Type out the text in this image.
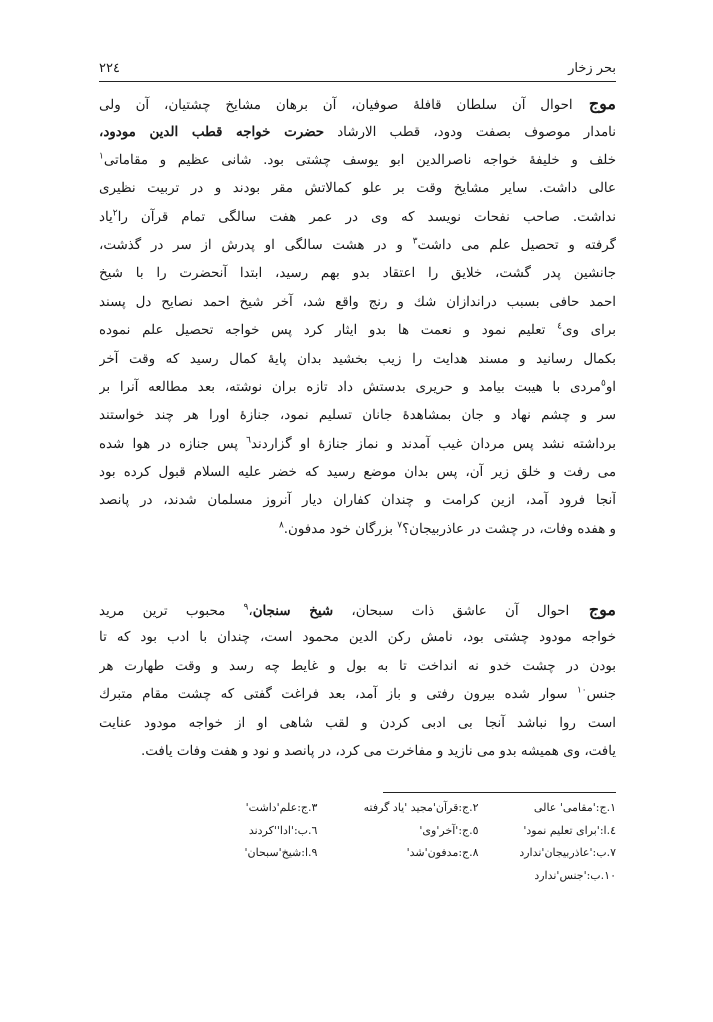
بحر زخار
۲۲٤
موج احوال آن سلطان قافلهٔ صوفیان، آن برهان مشایخ چشتیان، آن ولی
نامدار موصوف بصفت ودود، قطب الارشاد حضرت خواجه قطب الدین مودود،
خلف و خلیفهٔ خواجه ناصرالدین ابو یوسف چشتی بود. شانی عظیم و مقاماتی$^۱$
عالی داشت. سایر مشایخ وقت بر علو کمالاتش مقر بودند و در تربیت نظیری
نداشت. صاحب نفحات نویسد که وی در عمر هفت سالگی تمام قرآن را$^۲$یاد
گرفته و تحصیل علم می داشت$^۳$ و در هشت سالگی او پدرش از سر در گذشت،
جانشین پدر گشت، خلایق را اعتقاد بدو بهم رسید، ابتدا آنحضرت را با شیخ
احمد حافی بسبب دراندازان شك و رنج واقع شد، آخر شیخ احمد نصایح دل پسند
برای وی$^٤$ تعلیم نمود و نعمت ها بدو ایثار کرد پس خواجه تحصیل علم نموده
بکمال رسانید و مسند هدایت را زیب بخشید بدان پایهٔ کمال رسید که وقت آخر
او$^٥$مردی با هیبت بیامد و حریری بدستش داد تازه بران نوشته، بعد مطالعه آنرا بر
سر و چشم نهاد و جان بمشاهدهٔ جانان تسلیم نمود، جنازهٔ اورا هر چند خواستند
برداشته نشد پس مردان غیب آمدند و نماز جنازهٔ او گزاردند$^٦$ پس جنازه در هوا شده
می رفت و خلق زیر آن، پس بدان موضع رسید که خضر علیه السلام قبول کرده بود
آنجا فرود آمد، ازین کرامت و چندان کفاران دیار آنروز مسلمان شدند، در پانصد
و هفده وفات، در چشت در عاذربیجان؟$^۷$ بزرگان خود مدفون.$^۸$
موج احوال آن عاشق ذات سبحان، شیخ سنجان،$^۹$ محبوب ترین مرید
خواجه مودود چشتی بود، نامش رکن الدین محمود است، چندان با ادب بود که تا
بودن در چشت خدو نه انداخت تا به بول و غایط چه رسد و وقت طهارت هر
جنس$^{۱۰}$ سوار شده بیرون رفتی و باز آمد، بعد فراغت گفتی که چشت مقام متبرك
است روا نباشد آنجا بی ادبی کردن و لقب شاهی او از خواجه مودود عنایت
یافت، وی همیشه بدو می نازید و مفاخرت می کرد، در پانصد و نود و هفت وفات یافت.
۱.ج:'مقامی' عالی
۲.ج:قرآن'مجید 'یاد گرفته
۳.ج:علم'داشت'
٤.ا:'برای تعلیم نمود'
٥.ج:'آخر'وی'
٦.ب:'ادا''کردند
۷.ب:'عاذربیجان'ندارد
۸.ج:مدفون'شد'
۹.ا:شیخ'سبحان'
۱۰.ب:'جنس'ندارد
